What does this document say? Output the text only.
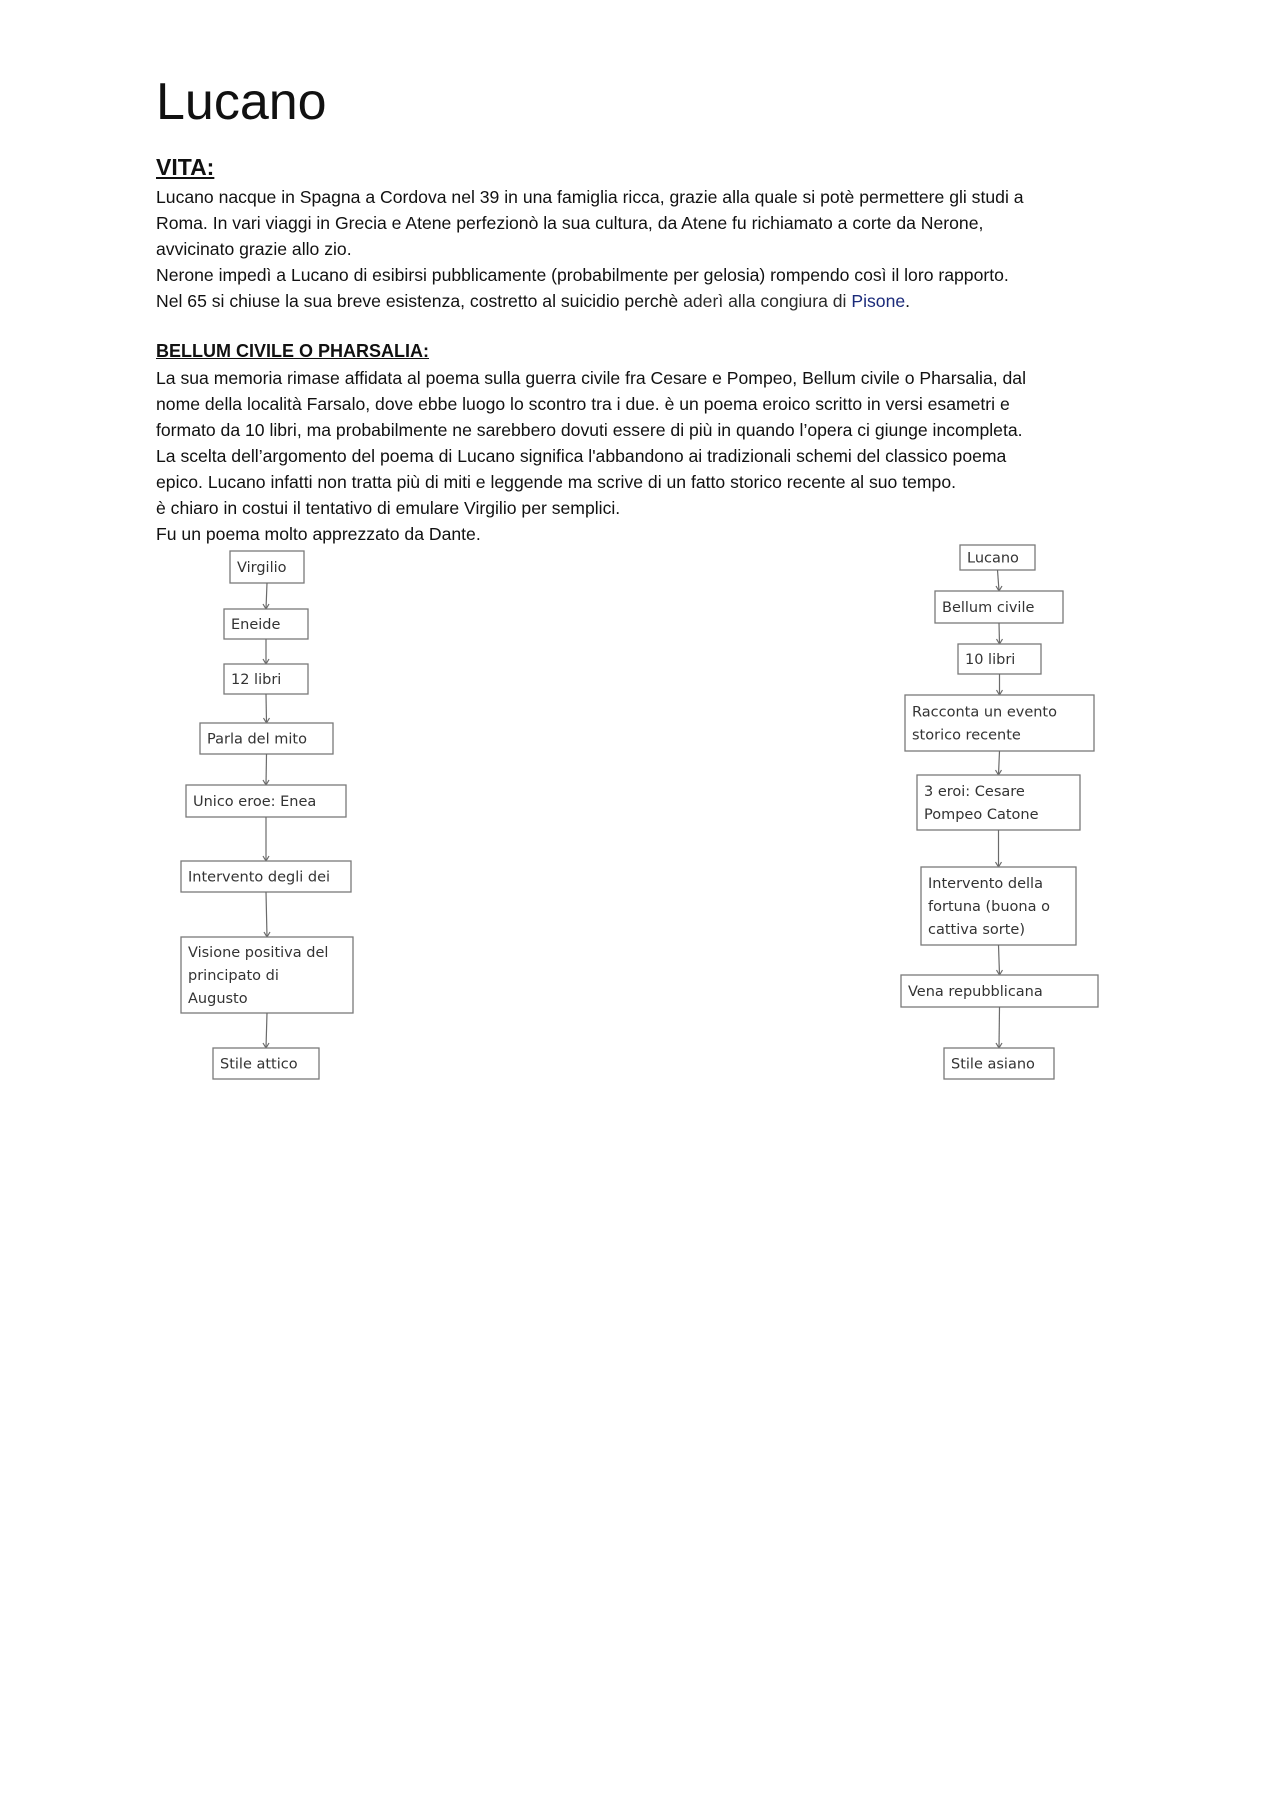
Lucano
VITA:

Lucano nacque in Spagna a Cordova nel 39 in una famiglia ricca, grazie alla quale si potè permettere gli studi a

Roma. In vari viaggi in Grecia e Atene perfezionò la sua cultura, da Atene fu richiamato a corte da Nerone,

avvicinato grazie allo zio.

Nerone impedì a Lucano di esibirsi pubblicamente (probabilmente per gelosia) rompendo così il loro rapporto.

Nel 65 si chiuse la sua breve esistenza, costretto al suicidio perchè aderì alla congiura di Pisone.

BELLUM CIVILE O PHARSALIA:

La sua memoria rimase affidata al poema sulla guerra civile fra Cesare e Pompeo, Bellum civile o Pharsalia, dal

nome della località Farsalo, dove ebbe luogo lo scontro tra i due. è un poema eroico scritto in versi esametri e

formato da 10 libri, ma probabilmente ne sarebbero dovuti essere di più in quando l’opera ci giunge incompleta.

La scelta dell’argomento del poema di Lucano significa l'abbandono ai tradizionali schemi del classico poema

epico. Lucano infatti non tratta più di miti e leggende ma scrive di un fatto storico recente al suo tempo.

è chiaro in costui il tentativo di emulare Virgilio per semplici.

Fu un poema molto apprezzato da Dante.

Virgilio
Eneide
12 libri
Parla del mito
Unico eroe: Enea
Intervento degli dei
Visione positiva del
principato di
Augusto
Stile attico
Lucano
Bellum civile
10 libri
Racconta un evento
storico recente
3 eroi: Cesare
Pompeo Catone
Intervento della
fortuna (buona o
cattiva sorte)
Vena repubblicana
Stile asiano
